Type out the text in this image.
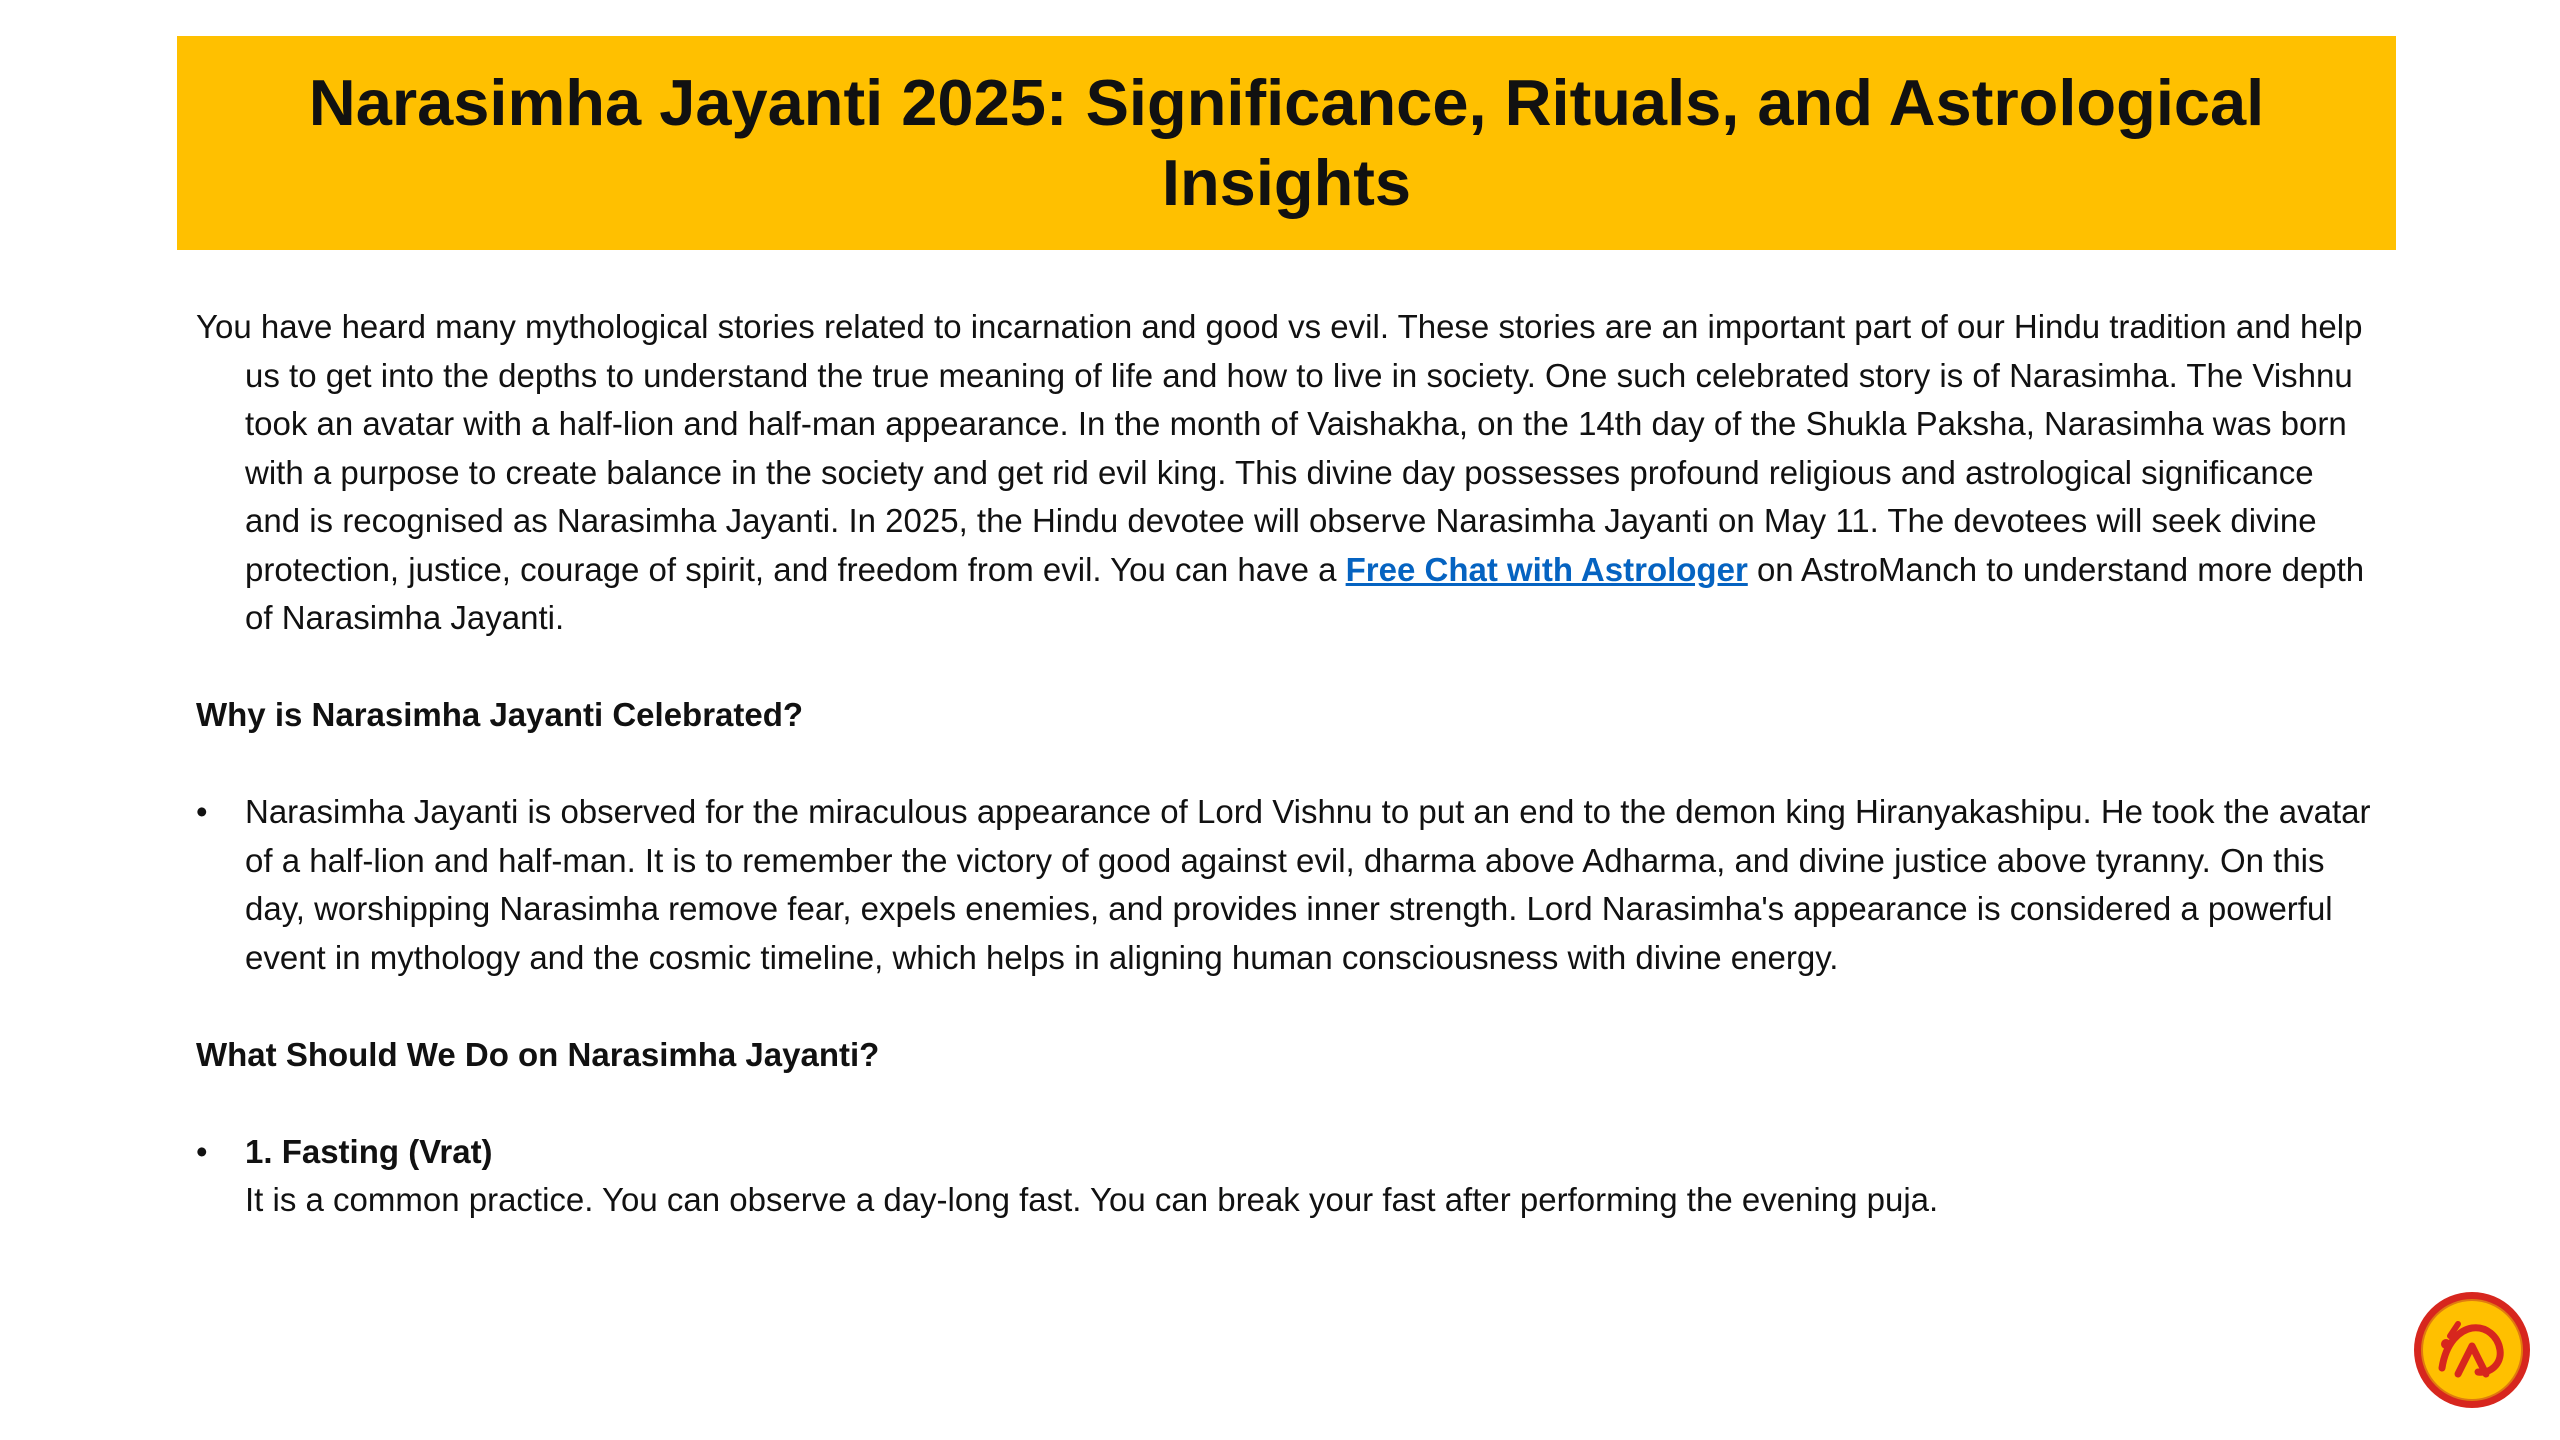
Narasimha Jayanti 2025: Significance, Rituals, and Astrological Insights

You have heard many mythological stories related to incarnation and good vs evil. These stories are an important part of our Hindu tradition and help us to get into the depths to understand the true meaning of life and how to live in society. One such celebrated story is of Narasimha. The Vishnu took an avatar with a half-lion and half-man appearance. In the month of Vaishakha, on the 14th day of the Shukla Paksha, Narasimha was born with a purpose to create balance in the society and get rid evil king. This divine day possesses profound religious and astrological significance and is recognised as Narasimha Jayanti. In 2025, the Hindu devotee will observe Narasimha Jayanti on May 11. The devotees will seek divine protection, justice, courage of spirit, and freedom from evil. You can have a Free Chat with Astrologer on AstroManch to understand more depth of Narasimha Jayanti.

Why is Narasimha Jayanti Celebrated?

• Narasimha Jayanti is observed for the miraculous appearance of Lord Vishnu to put an end to the demon king Hiranyakashipu. He took the avatar of a half-lion and half-man. It is to remember the victory of good against evil, dharma above Adharma, and divine justice above tyranny. On this day, worshipping Narasimha remove fear, expels enemies, and provides inner strength. Lord Narasimha's appearance is considered a powerful event in mythology and the cosmic timeline, which helps in aligning human consciousness with divine energy.

What Should We Do on Narasimha Jayanti?

• 1. Fasting (Vrat)
It is a common practice. You can observe a day-long fast. You can break your fast after performing the evening puja.
